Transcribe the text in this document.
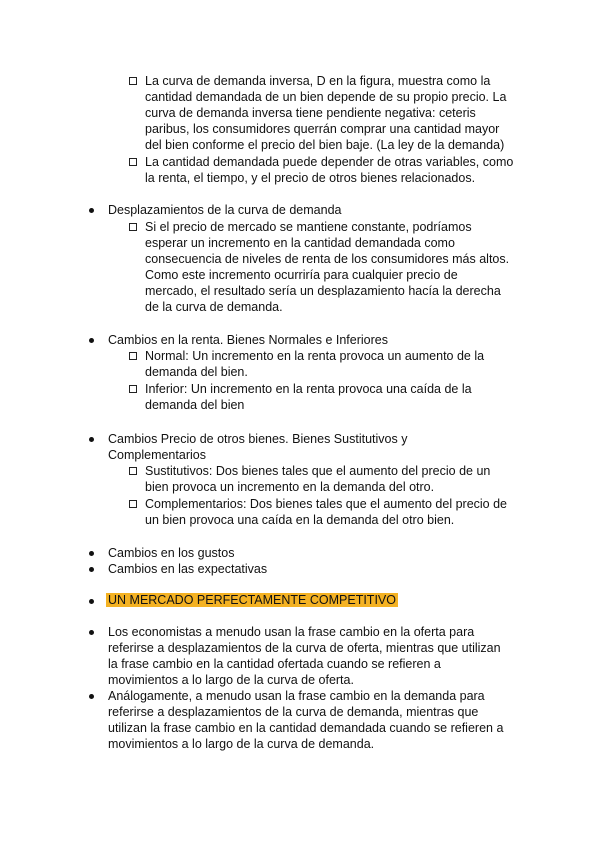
La curva de demanda inversa, D en la figura, muestra como la
cantidad demandada de un bien depende de su propio precio. La
curva de demanda inversa tiene pendiente negativa: ceteris
paribus, los consumidores querrán comprar una cantidad mayor
del bien conforme el precio del bien baje. (La ley de la demanda)
La cantidad demandada puede depender de otras variables, como
la renta, el tiempo, y el precio de otros bienes relacionados.
Desplazamientos de la curva de demanda
Si el precio de mercado se mantiene constante, podríamos
esperar un incremento en la cantidad demandada como
consecuencia de niveles de renta de los consumidores más altos.
Como este incremento ocurriría para cualquier precio de
mercado, el resultado sería un desplazamiento hacía la derecha
de la curva de demanda.
Cambios en la renta. Bienes Normales e Inferiores
Normal: Un incremento en la renta provoca un aumento de la
demanda del bien.
Inferior: Un incremento en la renta provoca una caída de la
demanda del bien
Cambios Precio de otros bienes. Bienes Sustitutivos y
Complementarios
Sustitutivos: Dos bienes tales que el aumento del precio de un
bien provoca un incremento en la demanda del otro.
Complementarios: Dos bienes tales que el aumento del precio de
un bien provoca una caída en la demanda del otro bien.
Cambios en los gustos
Cambios en las expectativas
UN MERCADO PERFECTAMENTE COMPETITIVO
Los economistas a menudo usan la frase cambio en la oferta para
referirse a desplazamientos de la curva de oferta, mientras que utilizan
la frase cambio en la cantidad ofertada cuando se refieren a
movimientos a lo largo de la curva de oferta.
Análogamente, a menudo usan la frase cambio en la demanda para
referirse a desplazamientos de la curva de demanda, mientras que
utilizan la frase cambio en la cantidad demandada cuando se refieren a
movimientos a lo largo de la curva de demanda.
